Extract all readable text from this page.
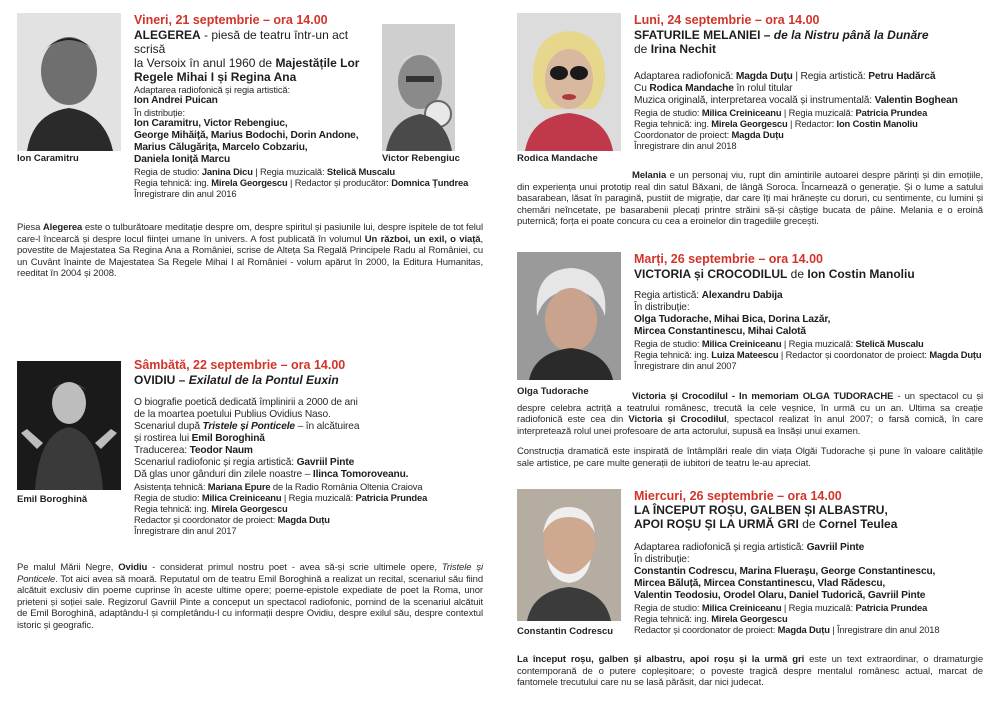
Ion Caramitru	Victor Rebengiuc
Vineri, 21 septembrie – ora 14.00
ALEGEREA - piesă de teatru într-un act scrisă
la Versoix în anul 1960 de Majestățile Lor
Regele Mihai I și Regina Ana
Adaptarea radiofonică și regia artistică:
Ion Andrei Puican
În distribuție:
Ion Caramitru, Victor Rebengiuc,
George Mihăiță, Marius Bodochi, Dorin Andone,
Marius Călugărița, Marcelo Cobzariu,
Daniela Ioniță Marcu
Regia de studio: Janina Dicu | Regia muzicală: Stelică Muscalu
Regia tehnică: ing. Mirela Georgescu | Redactor și producător: Domnica Țundrea
Înregistrare din anul 2016
Piesa Alegerea este o tulburătoare meditație despre om, despre spiritul și pasiunile lui, despre ispitele de tot felul care-l încearcă și despre locul ființei umane în univers. A fost publicată în volumul Un război, un exil, o viață, povestite de Majestatea Sa Regina Ana a României, scrise de Alteța Sa Regală Principele Radu al României, cu un Cuvânt înainte de Majestatea Sa Regele Mihai I al României - volum apărut în 2000, la Editura Humanitas, reeditat în 2004 și 2008.
Emil Boroghină
Sâmbătă, 22 septembrie – ora 14.00
OVIDIU – Exilatul de la Pontul Euxin
O biografie poetică dedicată împlinirii a 2000 de ani
de la moartea poetului Publius Ovidius Naso.
Scenariul după Tristele și Ponticele – în alcătuirea
și rostirea lui Emil Boroghină
Traducerea: Teodor Naum
Scenariul radiofonic și regia artistică: Gavriil Pinte
Dă glas unor gânduri din zilele noastre – Ilinca Tomoroveanu.
Asistența tehnică: Mariana Epure de la Radio România Oltenia Craiova
Regia de studio: Milica Creiniceanu | Regia muzicală: Patricia Prundea
Regia tehnică: ing. Mirela Georgescu
Redactor și coordonator de proiect: Magda Duțu
Înregistrare din anul 2017
Pe malul Mării Negre, Ovidiu - considerat primul nostru poet - avea să-și scrie ultimele opere, Tristele și Ponticele. Tot aici avea să moară. Reputatul om de teatru Emil Boroghină a realizat un recital, scenariul său fiind alcătuit exclusiv din poeme cuprinse în aceste ultime opere; poeme-epistole expediate de poet la Roma, unor prieteni și soției sale. Regizorul Gavriil Pinte a conceput un spectacol radiofonic, pornind de la scenariul alcătuit de Emil Boroghină, adaptându-l și completându-l cu informații despre Ovidiu, despre exilul său, despre contextul istoric și geografic.
Rodica Mandache
Luni, 24 septembrie – ora 14.00
SFATURILE MELANIEI – de la Nistru până la Dunăre
de Irina Nechit
Adaptarea radiofonică: Magda Duțu | Regia artistică: Petru Hadărcă
Cu Rodica Mandache în rolul titular
Muzica originală, interpretarea vocală și instrumentală: Valentin Boghean
Regia de studio: Milica Creiniceanu | Regia muzicală: Patricia Prundea
Regia tehnică: ing. Mirela Georgescu | Redactor: Ion Costin Manoliu
Coordonator de proiect: Magda Duțu
Înregistrare din anul 2018
Melania e un personaj viu, rupt din amintirile autoarei despre părinți și din emoțiile, din experiența unui prototip real din satul Băxani, de lângă Soroca. Încarnează o generație. Și o lume a satului basarabean, lăsat în paragină, pustiit de migrație, dar care îți mai hrănește cu doruri, cu sentimente, cu lumini și chemări neîncetate, pe basarabenii plecați printre străini să-și câștige bucata de pâine. Melania e o eroină puternică; forța ei poate concura cu cea a eroinelor din tragediile grecești.
Olga Tudorache
Marți, 26 septembrie – ora 14.00
VICTORIA și CROCODILUL de Ion Costin Manoliu
Regia artistică: Alexandru Dabija
În distribuție:
Olga Tudorache, Mihai Bica, Dorina Lazăr,
Mircea Constantinescu, Mihai Calotă
Regia de studio: Milica Creiniceanu | Regia muzicală: Stelică Muscalu
Regia tehnică: ing. Luiza Mateescu | Redactor și coordonator de proiect: Magda Duțu
Înregistrare din anul 2007
Victoria și Crocodilul - In memoriam OLGA TUDORACHE - un spectacol cu și despre celebra actriță a teatrului românesc, trecută la cele veșnice, în urmă cu un an. Ultima sa creație radiofonică este cea din Victoria și Crocodilul, spectacol realizat în anul 2007; o farsă comică, în care interpretează rolul unei profesoare de arta actorului, supusă ea însăși unui examen.
Construcția dramatică este inspirată de întâmplări reale din viața Olgăi Tudorache și pune în valoare calitățile sale artistice, pe care multe generații de iubitori de teatru le-au apreciat.
Constantin Codrescu
Miercuri, 26 septembrie – ora 14.00
LA ÎNCEPUT ROȘU, GALBEN ȘI ALBASTRU,
APOI ROȘU ȘI LA URMĂ GRI de Cornel Teulea
Adaptarea radiofonică și regia artistică: Gavriil Pinte
În distribuție:
Constantin Codrescu, Marina Flueraşu, George Constantinescu,
Mircea Băluță, Mircea Constantinescu, Vlad Rădescu,
Valentin Teodosiu, Orodel Olaru, Daniel Tudorică, Gavriil Pinte
Regia de studio: Milica Creiniceanu | Regia muzicală: Patricia Prundea
Regia tehnică: ing. Mirela Georgescu
Redactor și coordonator de proiect: Magda Duțu | Înregistrare din anul 2018
La început roșu, galben și albastru, apoi roșu și la urmă gri este un text extraordinar, o dramaturgie contemporană de o putere copleșitoare; o poveste tragică despre mentalul românesc actual, marcat de fantomele trecutului care nu se lasă părăsit, dar nici judecat.
